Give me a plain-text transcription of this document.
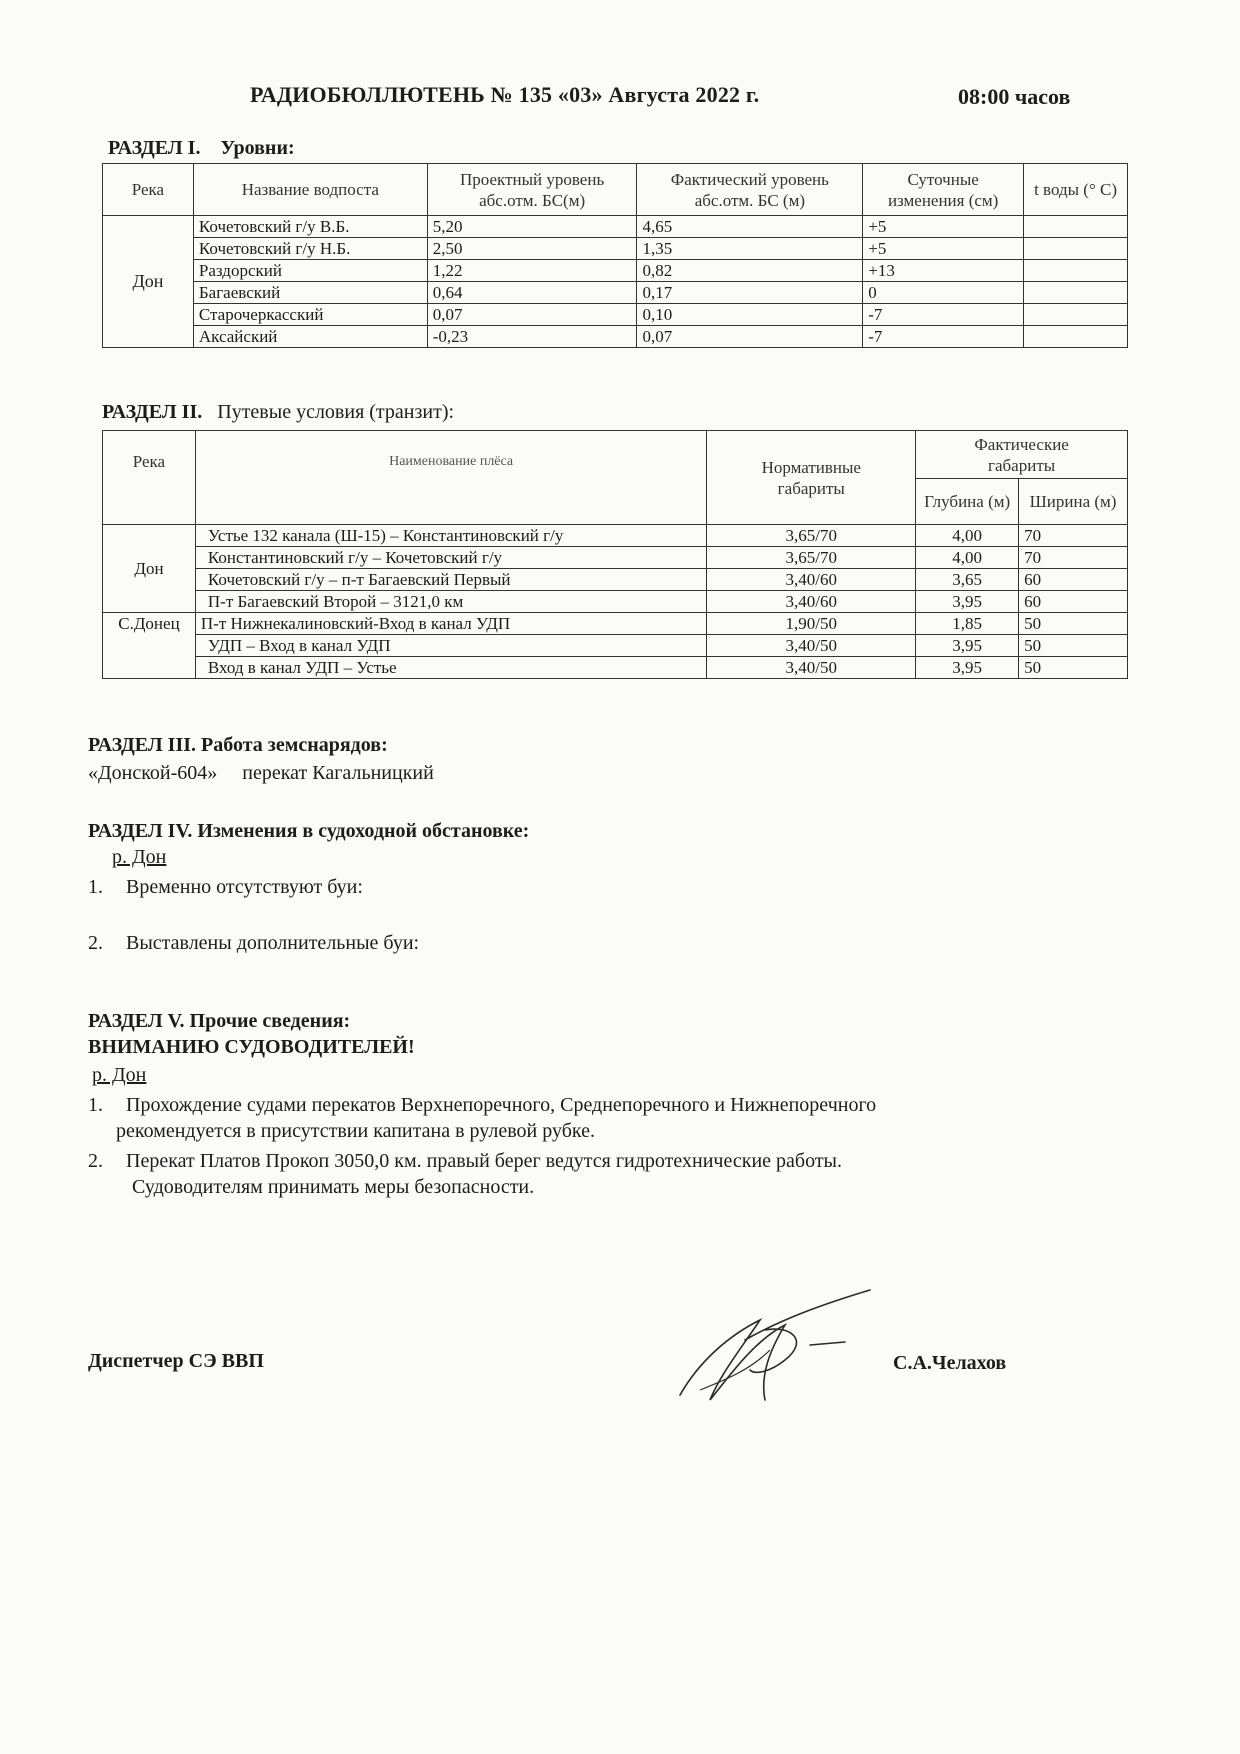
РАДИОБЮЛЛЮТЕНЬ № 135 «03» Августа 2022 г.	08:00 часов
РАЗДЕЛ I. Уровни:
Река	Название водпоста	Проектный уровень абс.отм. БС(м)	Фактический уровень абс.отм. БС (м)	Суточные изменения (см)	t воды (° С)
Дон	Кочетовский г/у В.Б.	5,20	4,65	+5	
	Кочетовский г/у Н.Б.	2,50	1,35	+5	
	Раздорский	1,22	0,82	+13	
	Багаевский	0,64	0,17	0	
	Старочеркасский	0,07	0,10	-7	
	Аксайский	-0,23	0,07	-7	
РАЗДЕЛ II. Путевые условия (транзит):
Река	Наименование плёса	Нормативные габариты	Фактические габариты	
			Глубина (м)	Ширина (м)
Дон	Устье 132 канала (Ш-15) – Константиновский г/у	3,65/70	4,00	70
	Константиновский г/у – Кочетовский г/у	3,65/70	4,00	70
	Кочетовский г/у – п-т Багаевский Первый	3,40/60	3,65	60
	П-т Багаевский Второй – 3121,0 км	3,40/60	3,95	60
С.Донец	П-т Нижнекалиновский-Вход в канал УДП	1,90/50	1,85	50
	УДП – Вход в канал УДП	3,40/50	3,95	50
	Вход в канал УДП – Устье	3,40/50	3,95	50
РАЗДЕЛ III. Работа земснарядов:
«Донской-604» перекат Кагальницкий
РАЗДЕЛ IV. Изменения в судоходной обстановке:
р. Дон
1. Временно отсутствуют буи:
2. Выставлены дополнительные буи:
РАЗДЕЛ V. Прочие сведения:
ВНИМАНИЮ СУДОВОДИТЕЛЕЙ!
р. Дон
1. Прохождение судами перекатов Верхнепоречного, Среднепоречного и Нижнепоречного
рекомендуется в присутствии капитана в рулевой рубке.
2. Перекат Платов Прокоп 3050,0 км. правый берег ведутся гидротехнические работы.
Судоводителям принимать меры безопасности.
Диспетчер СЭ ВВП	С.А.Челахов
